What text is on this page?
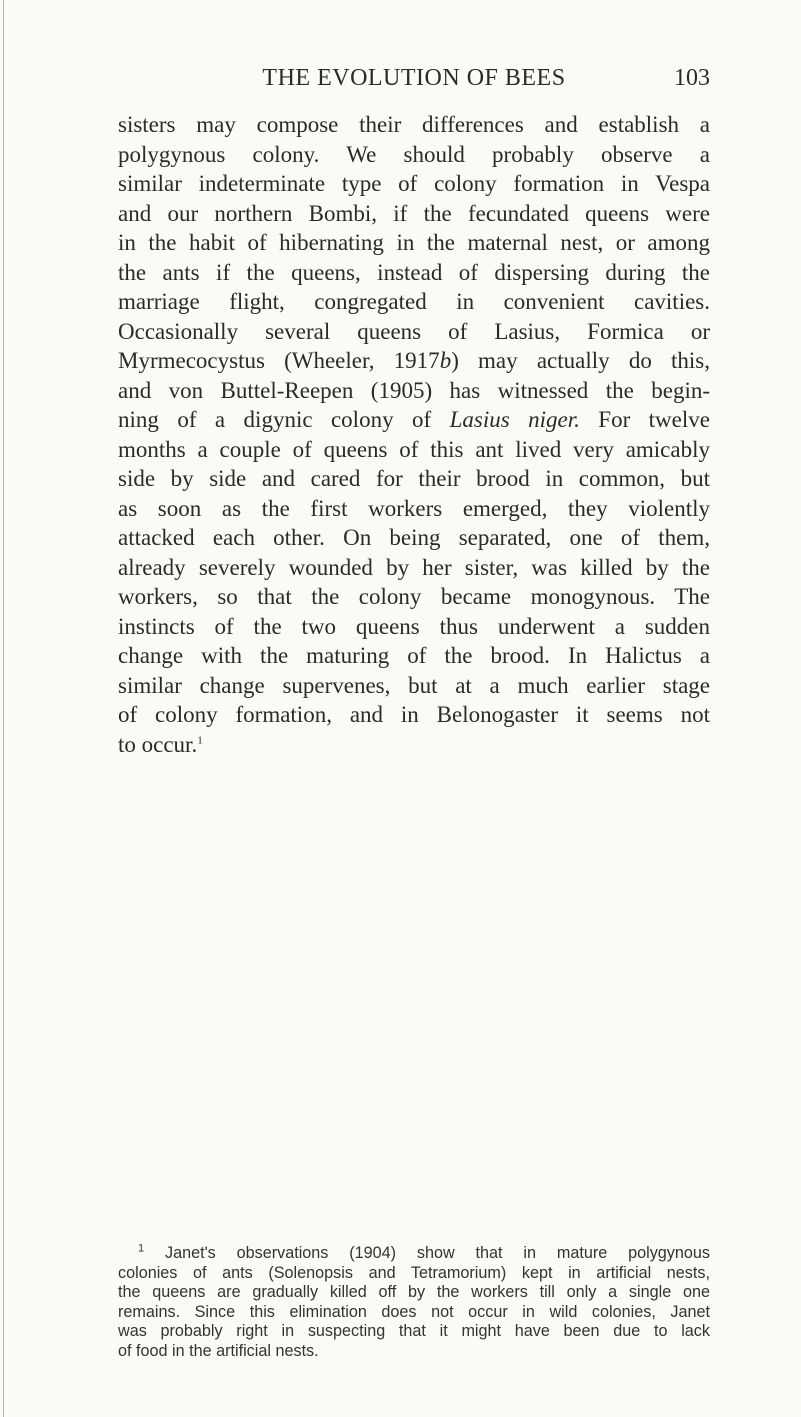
THE EVOLUTION OF BEES	103
sisters may compose their differences and establish a
polygynous colony. We should probably observe a
similar indeterminate type of colony formation in Vespa
and our northern Bombi, if the fecundated queens were
in the habit of hibernating in the maternal nest, or among
the ants if the queens, instead of dispersing during the
marriage flight, congregated in convenient cavities.
Occasionally several queens of Lasius, Formica or
Myrmecocystus (Wheeler, 1917b) may actually do this,
and von Buttel-Reepen (1905) has witnessed the begin-
ning of a digynic colony of Lasius niger. For twelve
months a couple of queens of this ant lived very amicably
side by side and cared for their brood in common, but
as soon as the first workers emerged, they violently
attacked each other. On being separated, one of them,
already severely wounded by her sister, was killed by the
workers, so that the colony became monogynous. The
instincts of the two queens thus underwent a sudden
change with the maturing of the brood. In Halictus a
similar change supervenes, but at a much earlier stage
of colony formation, and in Belonogaster it seems not
to occur.$^1$
$^1$ Janet's observations (1904) show that in mature polygynous
colonies of ants (Solenopsis and Tetramorium) kept in artificial nests,
the queens are gradually killed off by the workers till only a single one
remains. Since this elimination does not occur in wild colonies, Janet
was probably right in suspecting that it might have been due to lack
of food in the artificial nests.
